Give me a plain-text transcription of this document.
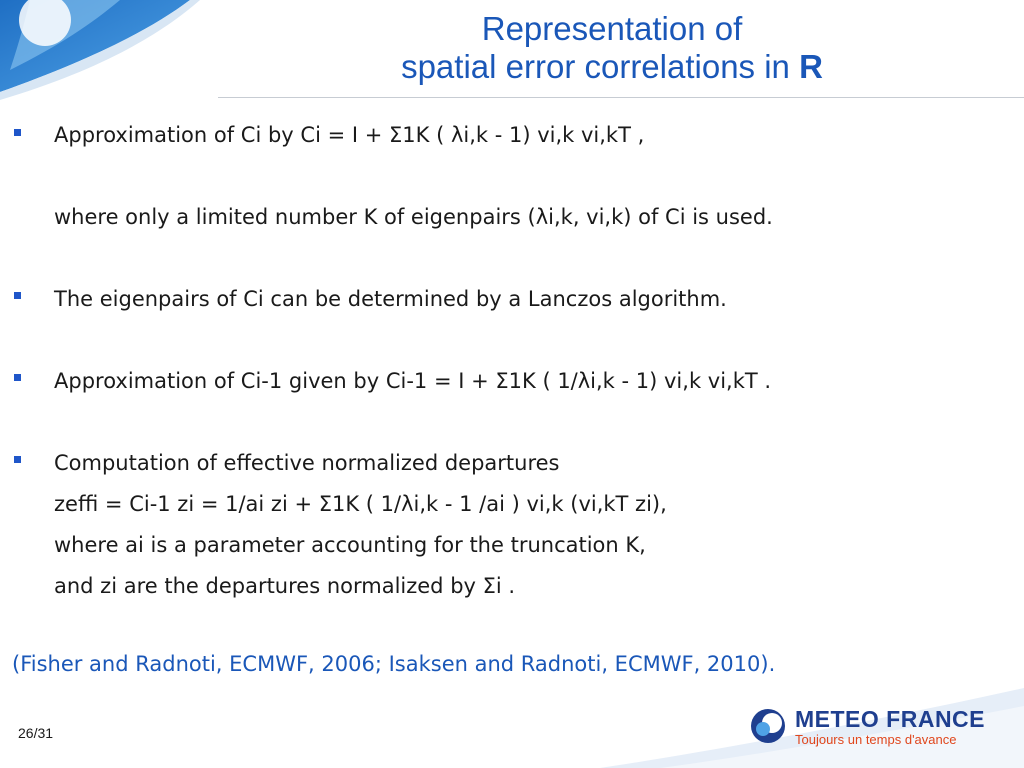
Representation of
spatial error correlations in R
Approximation of Ci by Ci = I + Σ1K ( λi,k - 1) vi,k vi,kT ,
where only a limited number K of eigenpairs (λi,k, vi,k) of Ci is used.
The eigenpairs of Ci can be determined by a Lanczos algorithm.
Approximation of Ci-1 given by Ci-1 = I + Σ1K ( 1/λi,k - 1) vi,k vi,kT .
Computation of effective normalized departures
zeffi = Ci-1 zi = 1/ai zi + Σ1K ( 1/λi,k - 1 /ai ) vi,k (vi,kT zi),
where ai is a parameter accounting for the truncation K,
and zi are the departures normalized by Σi .
(Fisher and Radnoti, ECMWF, 2006; Isaksen and Radnoti, ECMWF, 2010).
26/31
METEO FRANCE
Toujours un temps d'avance
